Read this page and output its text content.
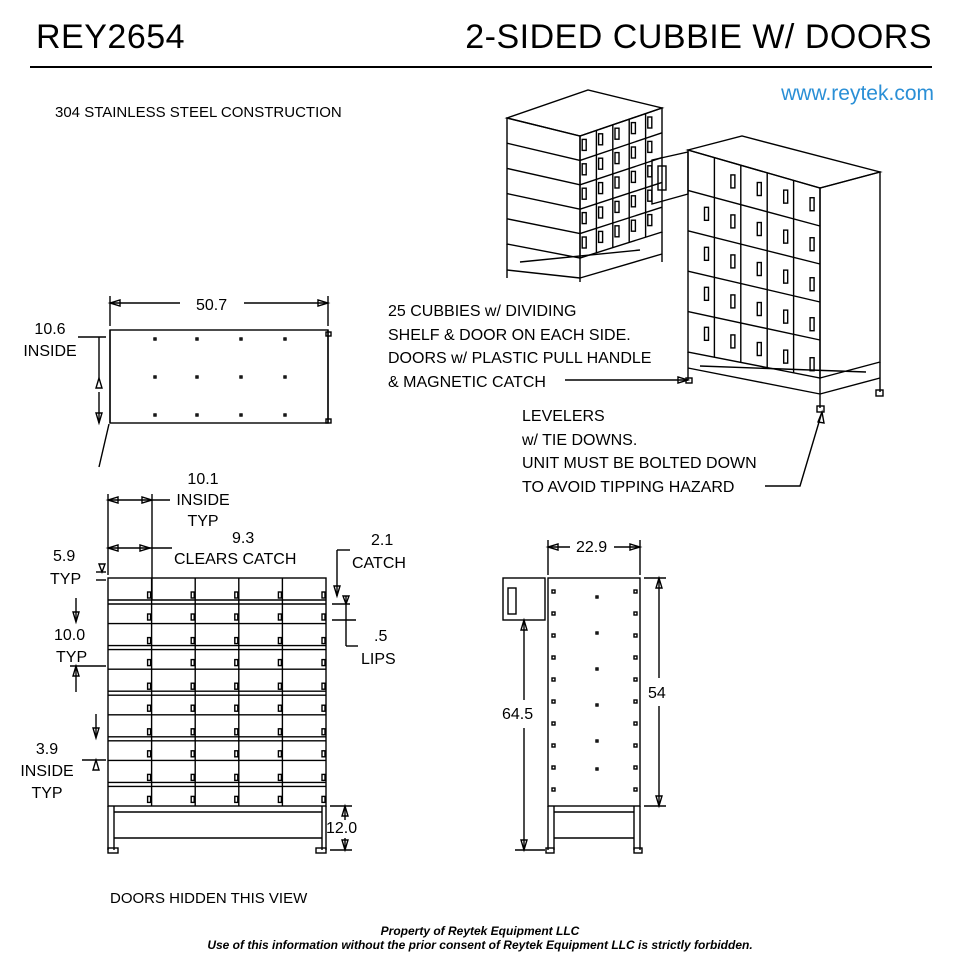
REY2654	2-SIDED CUBBIE W/ DOORS
www.reytek.com
304 STAINLESS STEEL CONSTRUCTION
50.7
10.6
INSIDE
10.1
INSIDE
TYP
9.3
CLEARS CATCH
2.1
CATCH
5.9
TYP
10.0
TYP
.5
LIPS
3.9
INSIDE
TYP
12.0
22.9
64.5
54
25 CUBBIES w/ DIVIDING
SHELF & DOOR ON EACH SIDE.
DOORS w/ PLASTIC PULL HANDLE
& MAGNETIC CATCH
LEVELERS
w/ TIE DOWNS.
UNIT MUST BE BOLTED DOWN
TO AVOID TIPPING HAZARD
DOORS HIDDEN THIS VIEW
Property of Reytek Equipment LLC
Use of this information without the prior consent of Reytek Equipment LLC is strictly forbidden.
